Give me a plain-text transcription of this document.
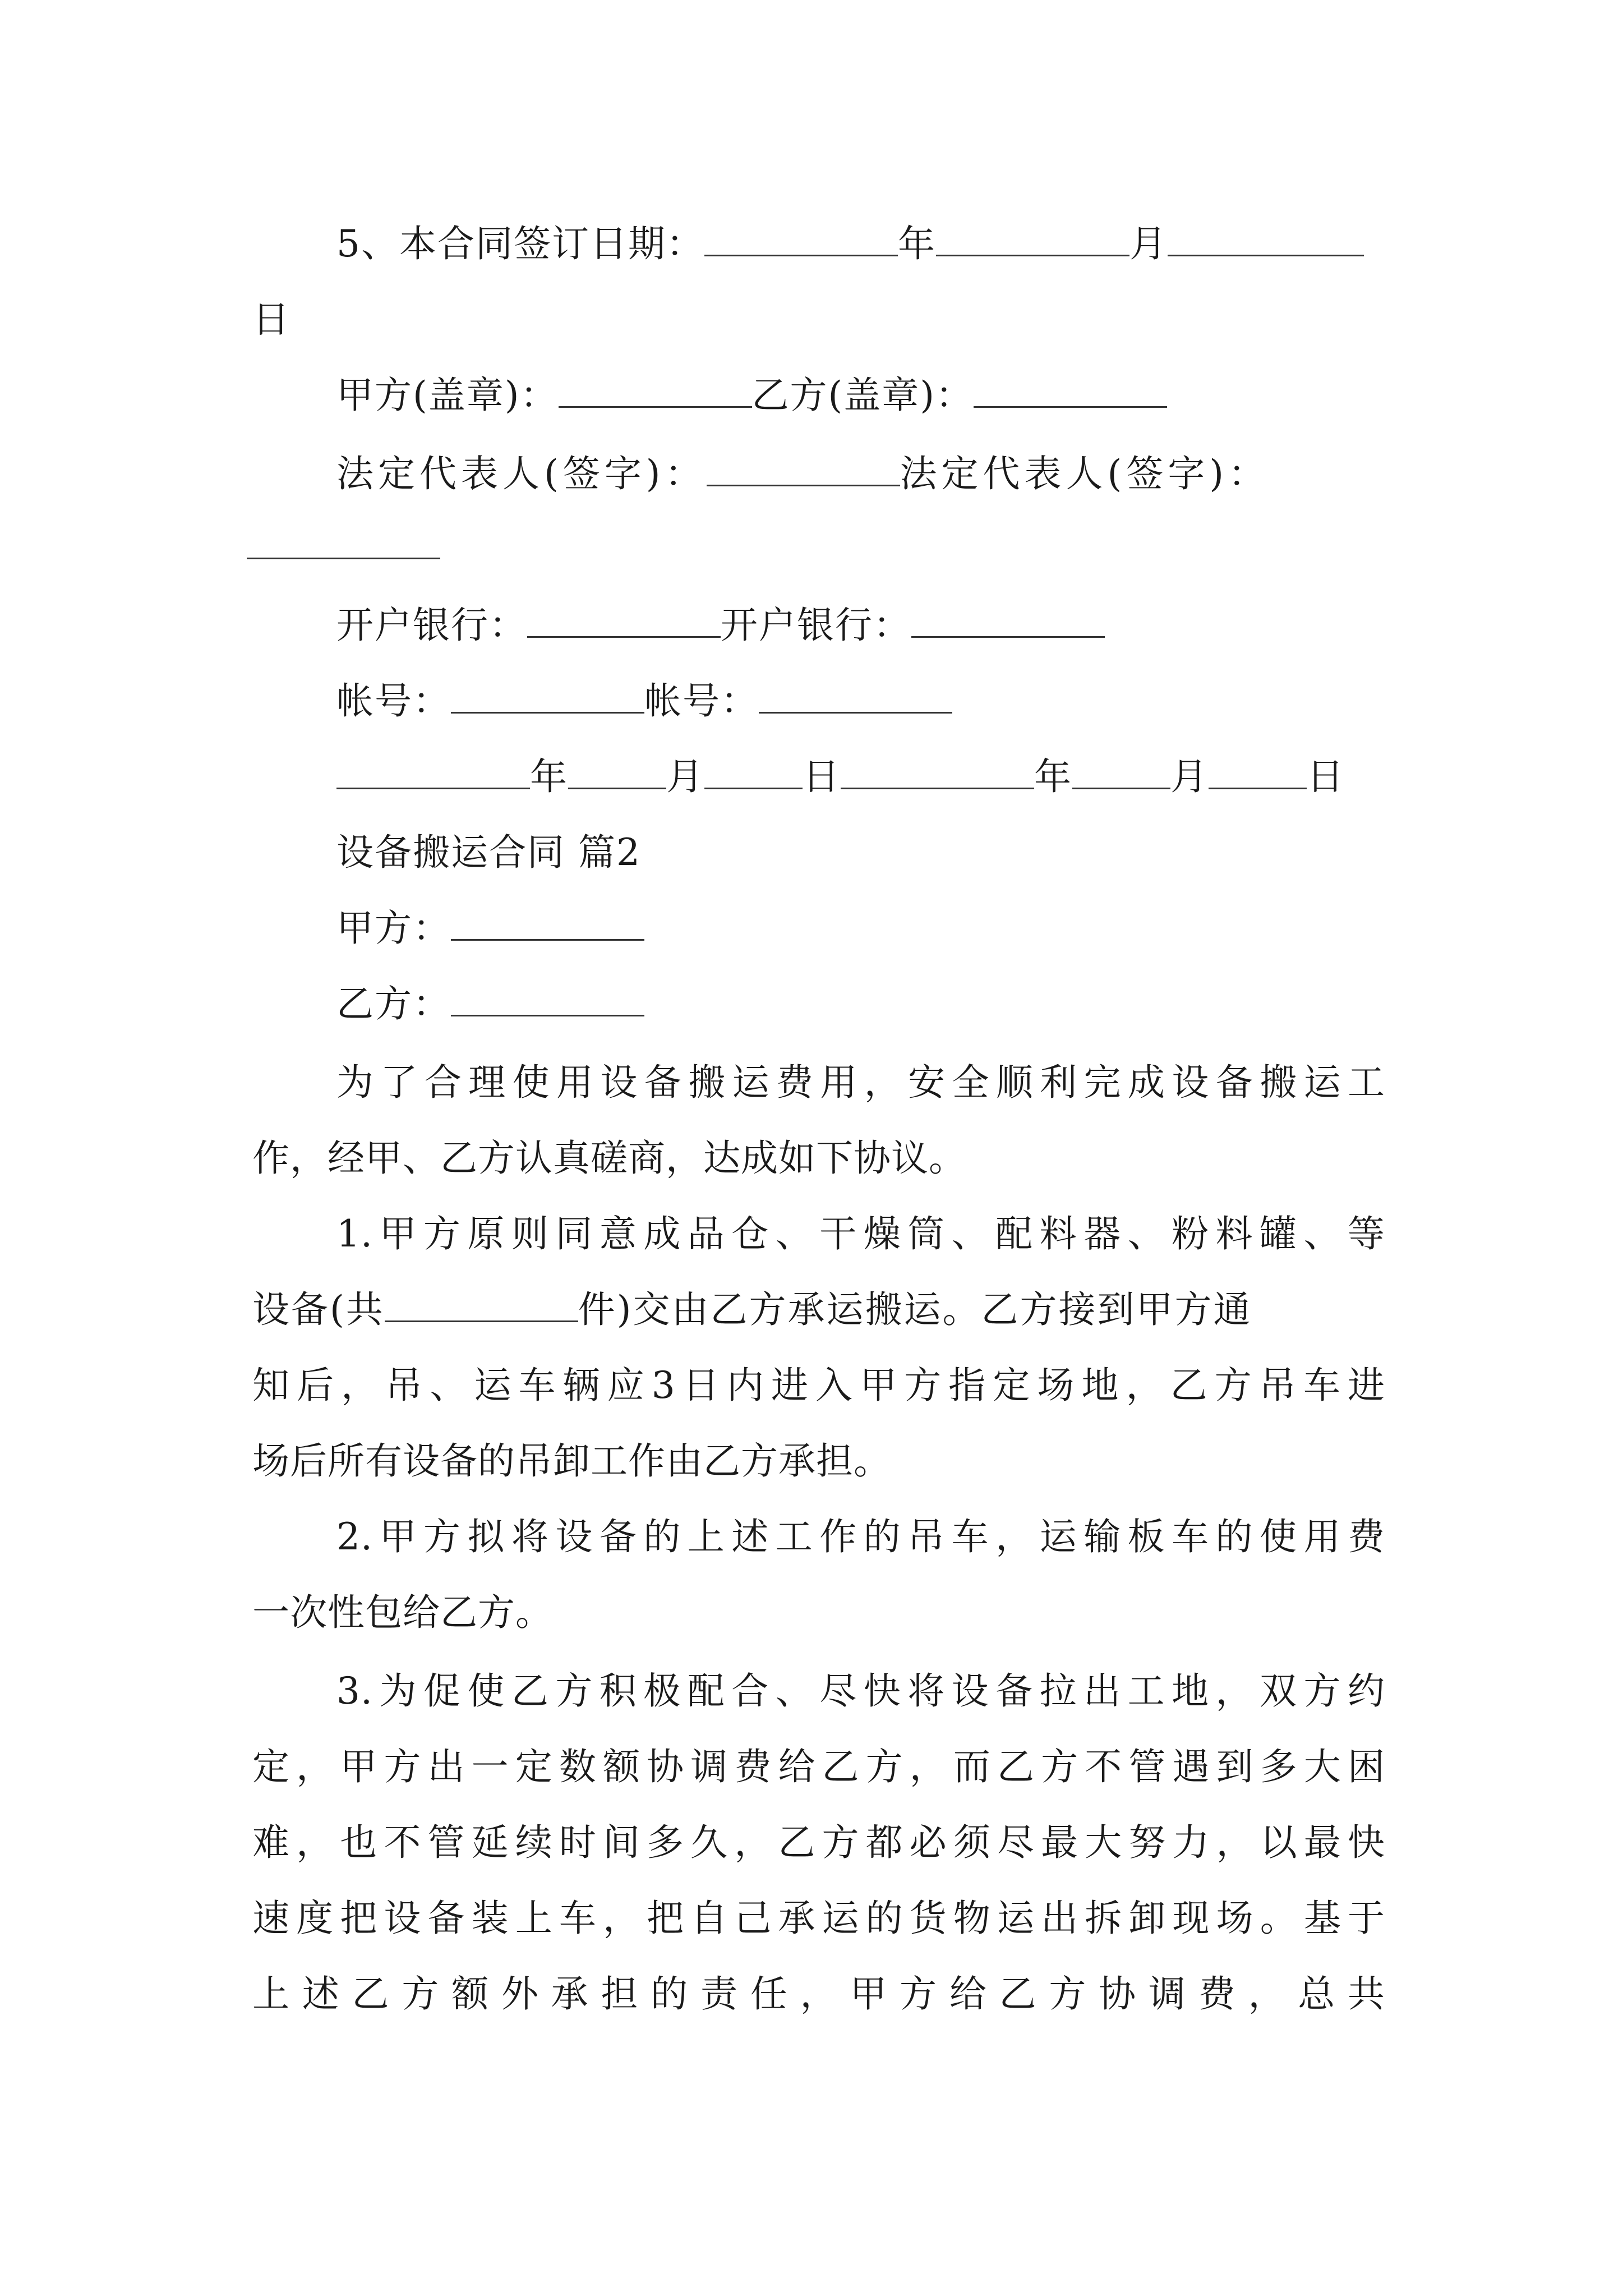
5、本合同签订日期：	年	月
日
甲方(盖章)：	乙方(盖章)：
法定代表人(签字)：	法定代表人(签字)：
开户银行：	开户银行：
帐号：	帐号：
年	月	日	年	月	日
设备搬运合同 篇2
甲方：
乙方：
为了合理使用设备搬运费用，安全顺利完成设备搬运工
作，经甲、乙方认真磋商，达成如下协议。
1.甲方原则同意成品仓、干燥筒、配料器、粉料罐、等
设备(共	件)交由乙方承运搬运。乙方接到甲方通
知后，吊、运车辆应3日内进入甲方指定场地，乙方吊车进
场后所有设备的吊卸工作由乙方承担。
2.甲方拟将设备的上述工作的吊车，运输板车的使用费
一次性包给乙方。
3.为促使乙方积极配合、尽快将设备拉出工地，双方约
定，甲方出一定数额协调费给乙方，而乙方不管遇到多大困
难，也不管延续时间多久，乙方都必须尽最大努力，以最快
速度把设备装上车，把自己承运的货物运出拆卸现场。基于
上述乙方额外承担的责任，甲方给乙方协调费，总共
